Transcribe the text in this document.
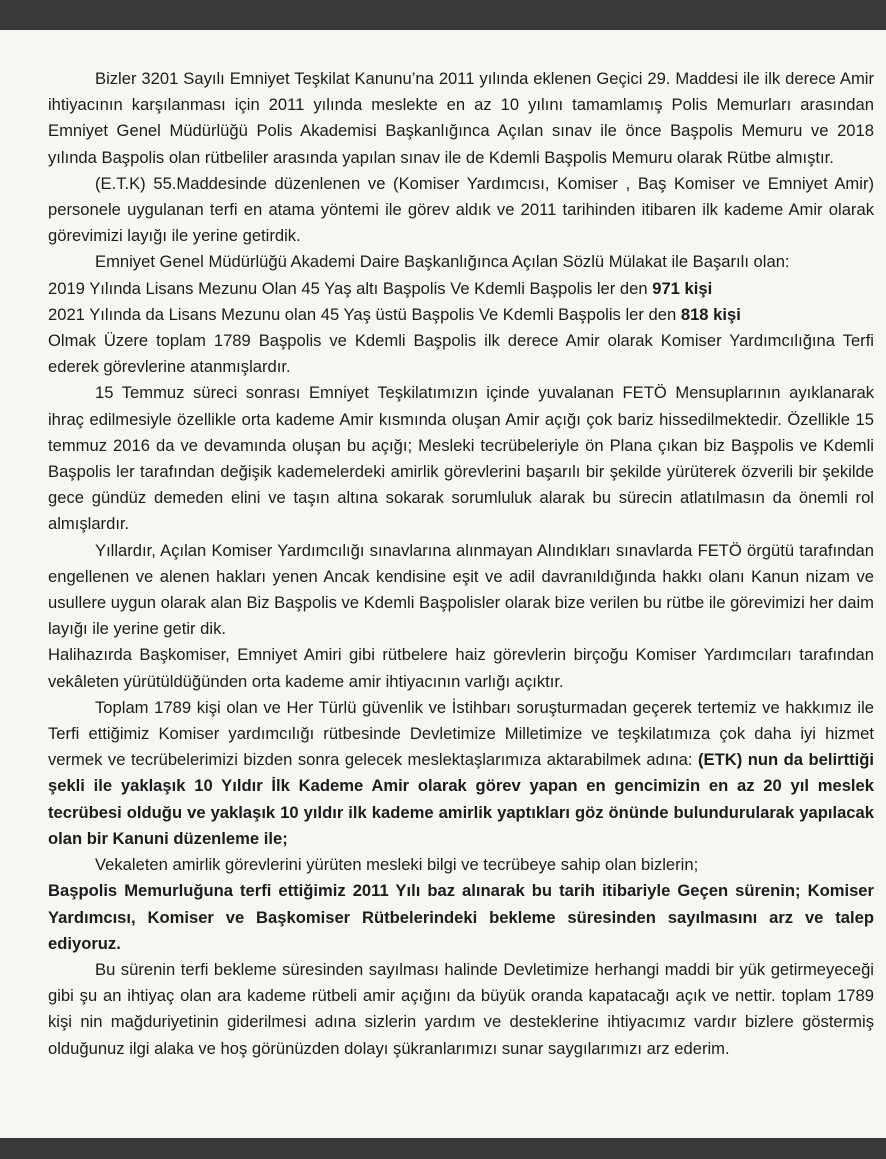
Bizler 3201 Sayılı Emniyet Teşkilat Kanunu’na 2011 yılında eklenen Geçici 29. Maddesi ile ilk derece Amir ihtiyacının karşılanması için 2011 yılında meslekte en az 10 yılını tamamlamış Polis Memurları arasından Emniyet Genel Müdürlüğü Polis Akademisi Başkanlığınca Açılan sınav ile önce Başpolis Memuru ve 2018 yılında Başpolis olan rütbeliler arasında yapılan sınav ile de Kdemli Başpolis Memuru olarak Rütbe almıştır.

(E.T.K) 55.Maddesinde düzenlenen ve (Komiser Yardımcısı, Komiser , Baş Komiser ve Emniyet Amir) personele uygulanan terfi en atama yöntemi ile görev aldık ve 2011 tarihinden itibaren ilk kademe Amir olarak görevimizi layığı ile yerine getirdik.

Emniyet Genel Müdürlüğü Akademi Daire Başkanlığınca Açılan Sözlü Mülakat ile Başarılı olan:

2019 Yılında Lisans Mezunu Olan 45 Yaş altı Başpolis Ve Kdemli Başpolis ler den 971 kişi

2021 Yılında da Lisans Mezunu olan 45 Yaş üstü Başpolis Ve Kdemli Başpolis ler den 818 kişi

Olmak Üzere toplam 1789 Başpolis ve Kdemli Başpolis ilk derece Amir olarak Komiser Yardımcılığına Terfi ederek görevlerine atanmışlardır.

15 Temmuz süreci sonrası Emniyet Teşkilatımızın içinde yuvalanan FETÖ Mensuplarının ayıklanarak ihraç edilmesiyle özellikle orta kademe Amir kısmında oluşan Amir açığı çok bariz hissedilmektedir. Özellikle 15 temmuz 2016 da ve devamında oluşan bu açığı; Mesleki tecrübeleriyle ön Plana çıkan biz Başpolis ve Kdemli Başpolis ler tarafından değişik kademelerdeki amirlik görevlerini başarılı bir şekilde yürüterek özverili bir şekilde gece gündüz demeden elini ve taşın altına sokarak sorumluluk alarak bu sürecin atlatılmasın da önemli rol almışlardır.

Yıllardır, Açılan Komiser Yardımcılığı sınavlarına alınmayan Alındıkları sınavlarda FETÖ örgütü tarafından engellenen ve alenen hakları yenen Ancak kendisine eşit ve adil davranıldığında hakkı olanı Kanun nizam ve usullere uygun olarak alan Biz Başpolis ve Kdemli Başpolisler olarak bize verilen bu rütbe ile görevimizi her daim layığı ile yerine getir dik.

Halihazırda Başkomiser, Emniyet Amiri gibi rütbelere haiz görevlerin birçoğu Komiser Yardımcıları tarafından vekâleten yürütüldüğünden orta kademe amir ihtiyacının varlığı açıktır.

Toplam 1789 kişi olan ve Her Türlü güvenlik ve İstihbarı soruşturmadan geçerek tertemiz ve hakkımız ile Terfi ettiğimiz Komiser yardımcılığı rütbesinde Devletimize Milletimize ve teşkilatımıza çok daha iyi hizmet vermek ve tecrübelerimizi bizden sonra gelecek meslektaşlarımıza aktarabilmek adına: (ETK) nun da belirttiği şekli ile yaklaşık 10 Yıldır İlk Kademe Amir olarak görev yapan en gencimizin en az 20 yıl meslek tecrübesi olduğu ve yaklaşık 10 yıldır ilk kademe amirlik yaptıkları göz önünde bulundurularak yapılacak olan bir Kanuni düzenleme ile;

Vekaleten amirlik görevlerini yürüten mesleki bilgi ve tecrübeye sahip olan bizlerin;

Başpolis Memurluğuna terfi ettiğimiz 2011 Yılı baz alınarak bu tarih itibariyle Geçen sürenin; Komiser Yardımcısı, Komiser ve Başkomiser Rütbelerindeki bekleme süresinden sayılmasını arz ve talep ediyoruz.

Bu sürenin terfi bekleme süresinden sayılması halinde Devletimize herhangi maddi bir yük getirmeyeceği gibi şu an ihtiyaç olan ara kademe rütbeli amir açığını da büyük oranda kapatacağı açık ve nettir. toplam 1789 kişi nin mağduriyetinin giderilmesi adına sizlerin yardım ve desteklerine ihtiyacımız vardır bizlere göstermiş olduğunuz ilgi alaka ve hoş görünüzden dolayı şükranlarımızı sunar saygılarımızı arz ederim.
